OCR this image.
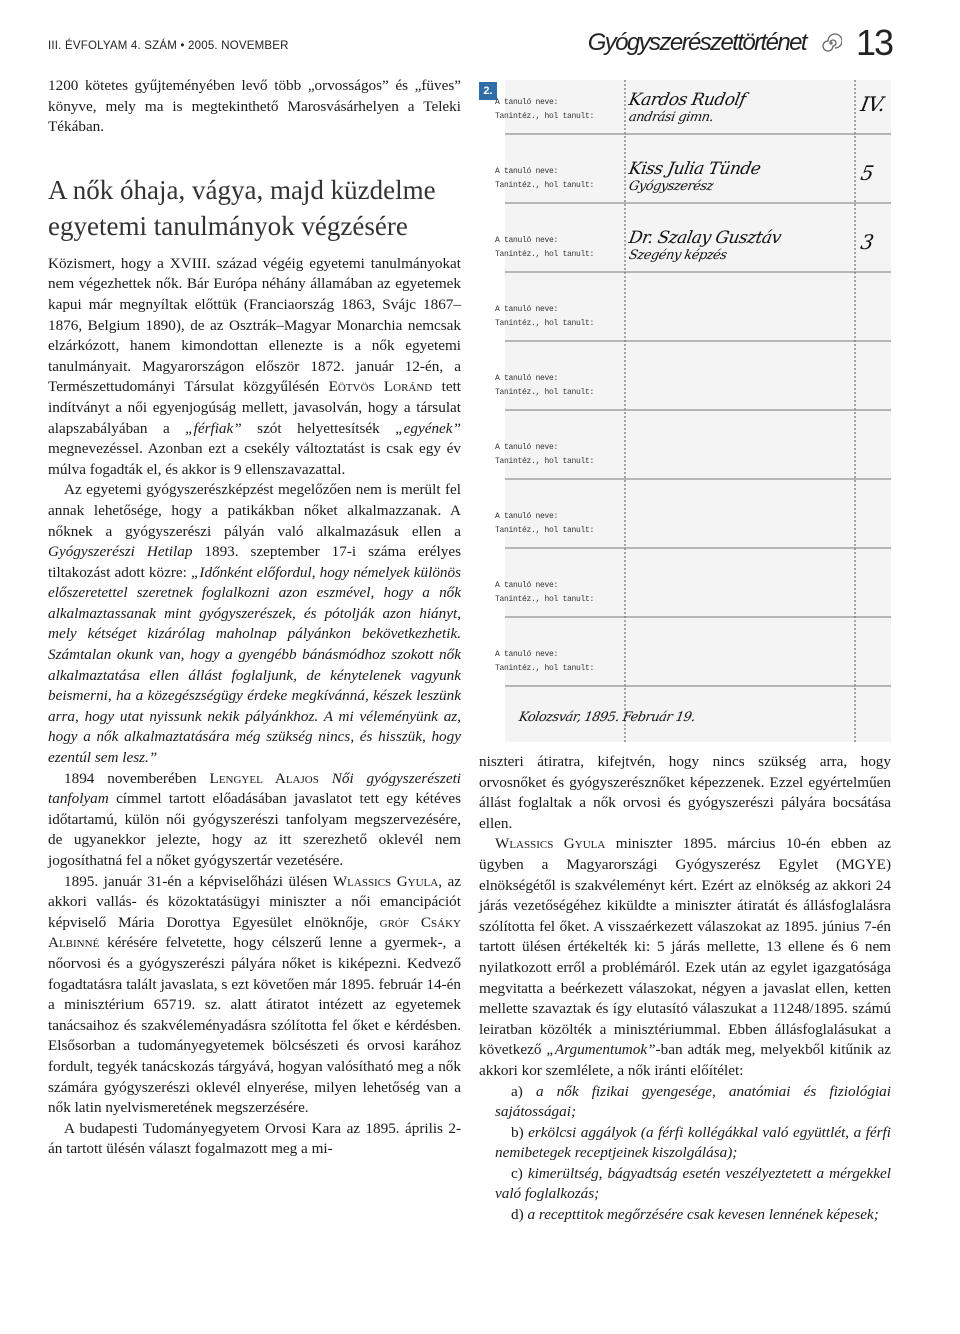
III. ÉVFOLYAM 4. SZÁM • 2005. NOVEMBER	Gyógyszerészettörténet 13

1200 kötetes gyűjteményében levő több „orvosságos” és „füves” könyve, mely ma is megtekinthető Marosvásárhelyen a Teleki Tékában.

A nők óhaja, vágya, majd küzdelme egyetemi tanulmányok végzésére

Közismert, hogy a XVIII. század végéig egyetemi tanulmányokat nem végezhettek nők. Bár Európa néhány államában az egyetemek kapui már megnyíltak előttük (Franciaország 1863, Svájc 1867–1876, Belgium 1890), de az Osztrák–Magyar Monarchia nemcsak elzárkózott, hanem kimondottan ellenezte is a nők egyetemi tanulmányait. Magyarországon először 1872. január 12-én, a Természettudományi Társulat közgyűlésén Eötvös Loránd tett indítványt a női egyenjogúság mellett, javasolván, hogy a társulat alapszabályában a „férfiak” szót helyettesítsék „egyének” megnevezéssel. Azonban ezt a csekély változtatást is csak egy év múlva fogadták el, és akkor is 9 ellenszavazattal.

Az egyetemi gyógyszerészképzést megelőzően nem is merült fel annak lehetősége, hogy a patikákban nőket alkalmazzanak. A nőknek a gyógyszerészi pályán való alkalmazásuk ellen a Gyógyszerészi Hetilap 1893. szeptember 17-i száma erélyes tiltakozást adott közre: „Időnként előfordul, hogy némelyek különös előszeretettel szeretnek foglalkozni azon eszmével, hogy a nők alkalmaztassanak mint gyógyszerészek, és pótolják azon hiányt, mely kétséget kizárólag maholnap pályánkon bekövetkezhetik. Számtalan okunk van, hogy a gyengébb bánásmódhoz szokott nők alkalmaztatása ellen állást foglaljunk, de kénytelenek vagyunk beismerni, ha a közegészségügy érdeke megkívánná, készek leszünk arra, hogy utat nyissunk nekik pályánkhoz. A mi véleményünk az, hogy a nők alkalmaztatására még szükség nincs, és hisszük, hogy ezentúl sem lesz.”

1894 novemberében Lengyel Alajos Női gyógyszerészeti tanfolyam címmel tartott előadásában javaslatot tett egy kétéves időtartamú, külön női gyógyszerészi tanfolyam megszervezésére, de ugyanekkor jelezte, hogy az itt szerezhető oklevél nem jogosíthatná fel a nőket gyógyszertár vezetésére.

1895. január 31-én a képviselőházi ülésen Wlassics Gyula, az akkori vallás- és közoktatásügyi miniszter a női emancipációt képviselő Mária Dorottya Egyesület elnöknője, gróf Csáky Albinné kérésére felvetette, hogy célszerű lenne a gyermek-, a nőorvosi és a gyógyszerészi pályára nőket is kiképezni. Kedvező fogadtatásra talált javaslata, s ezt követően már 1895. február 14-én a minisztérium 65719. sz. alatt átiratot intézett az egyetemek tanácsaihoz és szakvéleményadásra szólította fel őket e kérdésben. Elsősorban a tudományegyetemek bölcsészeti és orvosi karához fordult, tegyék tanácskozás tárgyává, hogyan valósítható meg a nők számára gyógyszerészi oklevél elnyerése, milyen lehetőség van a nők latin nyelvismeretének megszerzésére.

A budapesti Tudományegyetem Orvosi Kara az 1895. április 2-án tartott ülésén választ fogalmazott meg a mi-

2.
A tanuló neve:
Tanintéz., hol tanult:
Kardos Rudolf
andrási gimn.
IV.
A tanuló neve:
Tanintéz., hol tanult:
Kiss Julia Tünde
Gyógyszerész
5
A tanuló neve:
Tanintéz., hol tanult:
Dr. Szalay Gusztáv
Szegény képzés
3
A tanuló neve:
Tanintéz., hol tanult:
A tanuló neve:
Tanintéz., hol tanult:
A tanuló neve:
Tanintéz., hol tanult:
A tanuló neve:
Tanintéz., hol tanult:
A tanuló neve:
Tanintéz., hol tanult:
A tanuló neve:
Tanintéz., hol tanult:
Kolozsvár, 1895. Február 19.

niszteri átiratra, kifejtvén, hogy nincs szükség arra, hogy orvosnőket és gyógyszerésznőket képezzenek. Ezzel egyértelműen állást foglaltak a nők orvosi és gyógyszerészi pályára bocsátása ellen.

Wlassics Gyula miniszter 1895. március 10-én ebben az ügyben a Magyarországi Gyógyszerész Egylet (MGYE) elnökségétől is szakvéleményt kért. Ezért az elnökség az akkori 24 járás vezetőségéhez kiküldte a miniszter átiratát és állásfoglalásra szólította fel őket. A visszaérkezett válaszokat az 1895. június 7-én tartott ülésen értékelték ki: 5 járás mellette, 13 ellene és 6 nem nyilatkozott erről a problémáról. Ezek után az egylet igazgatósága megvitatta a beérkezett válaszokat, négyen a javaslat ellen, ketten mellette szavaztak és így elutasító válaszukat a 11248/1895. számú leiratban közölték a minisztériummal. Ebben állásfoglalásukat a következő „Argumentumok”-ban adták meg, melyekből kitűnik az akkori kor szemlélete, a nők iránti előítélet:

a) a nők fizikai gyengesége, anatómiai és fiziológiai sajátosságai;

b) erkölcsi aggályok (a férfi kollégákkal való együttlét, a férfi nemibetegek receptjeinek kiszolgálása);

c) kimerültség, bágyadtság esetén veszélyeztetett a mérgekkel való foglalkozás;

d) a recepttitok megőrzésére csak kevesen lennének képesek;
